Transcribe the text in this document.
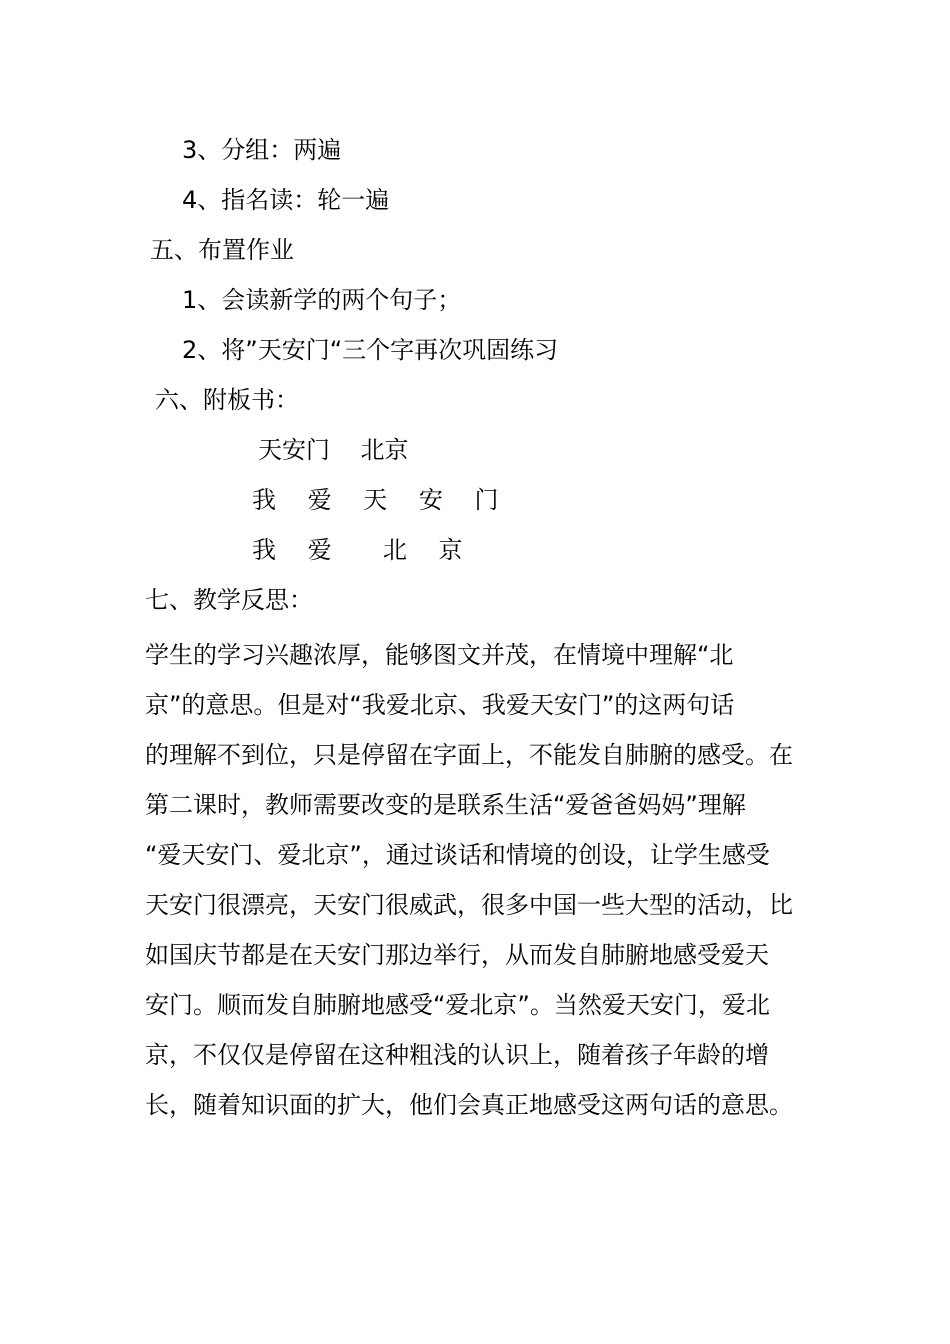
3、分组：两遍
4、指名读：轮一遍
五、布置作业
1、会读新学的两个句子；
2、将”天安门“三个字再次巩固练习
六、附板书：
天安门    北京
我 爱 天 安 门
我 爱  北 京
七、教学反思：
学生的学习兴趣浓厚，能够图文并茂，在情境中理解“北
京”的意思。但是对“我爱北京、我爱天安门”的这两句话
的理解不到位，只是停留在字面上，不能发自肺腑的感受。在
第二课时，教师需要改变的是联系生活“爱爸爸妈妈”理解
“爱天安门、爱北京”，通过谈话和情境的创设，让学生感受
天安门很漂亮，天安门很威武，很多中国一些大型的活动，比
如国庆节都是在天安门那边举行，从而发自肺腑地感受爱天
安门。顺而发自肺腑地感受“爱北京”。当然爱天安门，爱北
京，不仅仅是停留在这种粗浅的认识上，随着孩子年龄的增
长，随着知识面的扩大，他们会真正地感受这两句话的意思。
